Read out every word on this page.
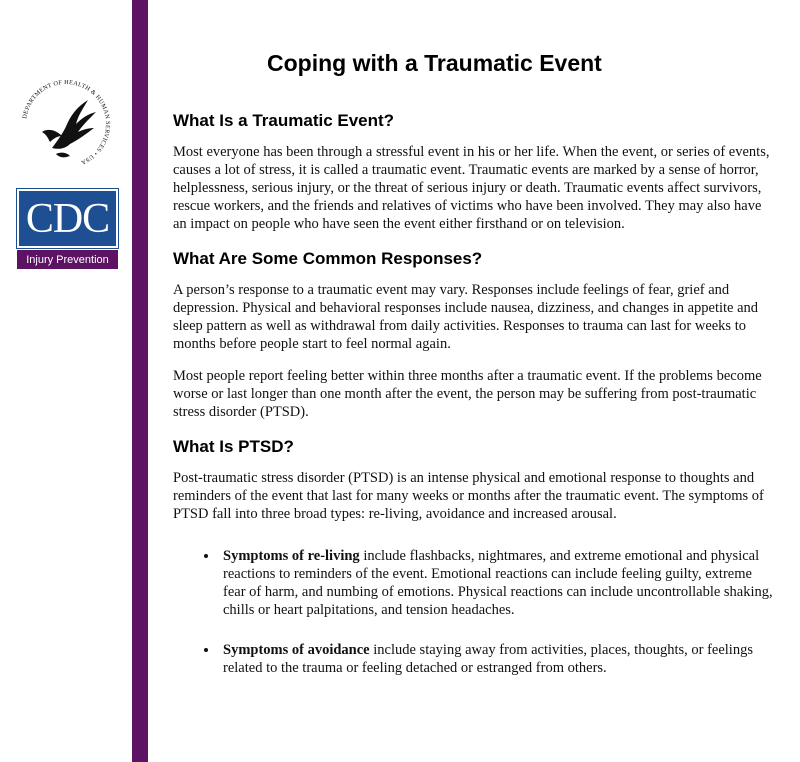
DEPARTMENT OF HEALTH & HUMAN SERVICES • USA
CDC
Injury Prevention
Coping with a Traumatic Event
What Is a Traumatic Event?

Most everyone has been through a stressful event in his or her life. When the event, or series of events, causes a lot of stress, it is called a traumatic event. Traumatic events are marked by a sense of horror, helplessness, serious injury, or the threat of serious injury or death. Traumatic events affect survivors, rescue workers, and the friends and relatives of victims who have been involved. They may also have an impact on people who have seen the event either firsthand or on television.

What Are Some Common Responses?

A person’s response to a traumatic event may vary. Responses include feelings of fear, grief and depression. Physical and behavioral responses include nausea, dizziness, and changes in appetite and sleep pattern as well as withdrawal from daily activities. Responses to trauma can last for weeks to months before people start to feel normal again.

Most people report feeling better within three months after a traumatic event. If the problems become worse or last longer than one month after the event, the person may be suffering from post-traumatic stress disorder (PTSD).

What Is PTSD?

Post-traumatic stress disorder (PTSD) is an intense physical and emotional response to thoughts and reminders of the event that last for many weeks or months after the traumatic event. The symptoms of PTSD fall into three broad types: re-living, avoidance and increased arousal.

• Symptoms of re-living include flashbacks, nightmares, and extreme emotional and physical reactions to reminders of the event. Emotional reactions can include feeling guilty, extreme fear of harm, and numbing of emotions. Physical reactions can include uncontrollable shaking, chills or heart palpitations, and tension headaches.
• Symptoms of avoidance include staying away from activities, places, thoughts, or feelings related to the trauma or feeling detached or estranged from others.
